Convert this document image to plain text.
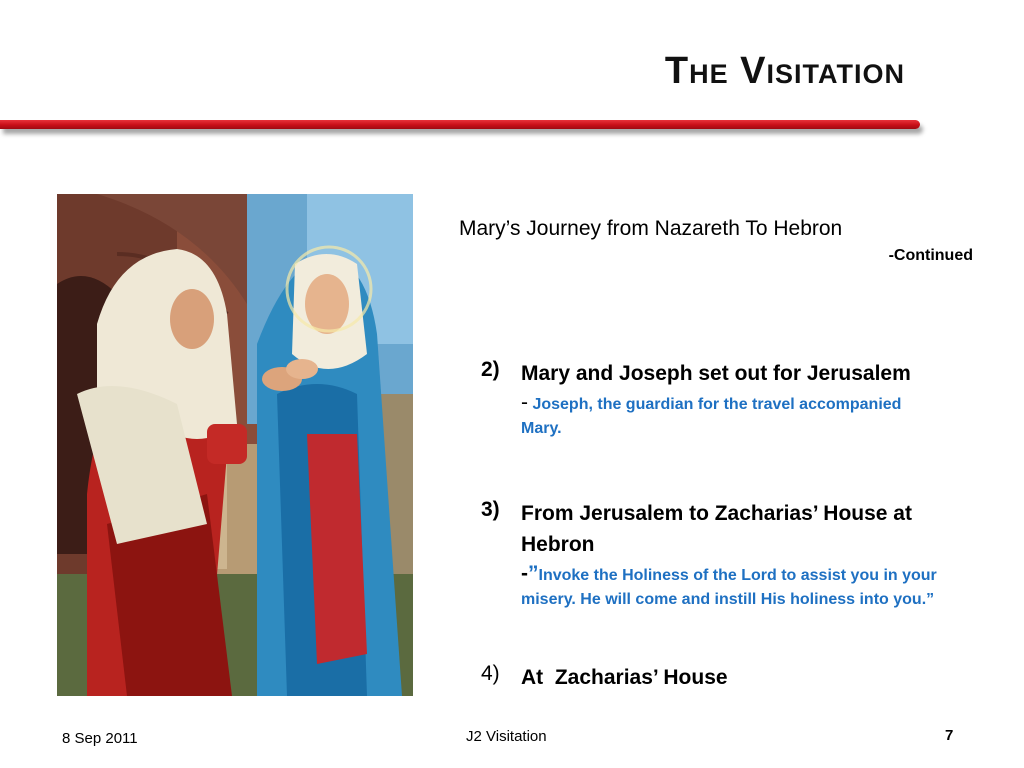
The Visitation
Mary’s Journey from Nazareth To Hebron
-Continued
2) Mary and Joseph set out for Jerusalem
- Joseph, the guardian for the travel accompanied Mary.
3) From Jerusalem to Zacharias’ House at Hebron
-”Invoke the Holiness of the Lord to assist you in your misery. He will come and instill His holiness into you.”
4) At  Zacharias’ House
8 Sep 2011	J2 Visitation	7
